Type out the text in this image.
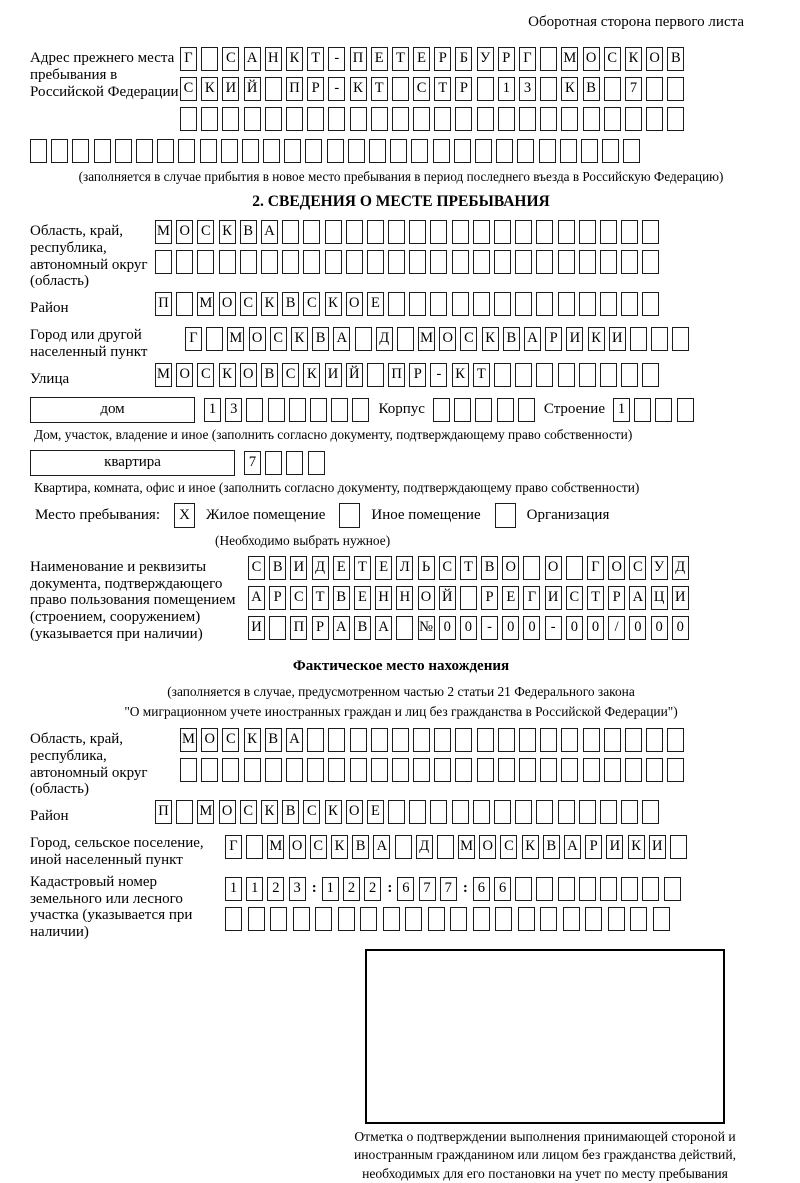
Оборотная сторона первого листа
Адрес прежнего места пребывания в Российской Федерации
Г С А Н К Т - П Е Т Е Р Б У Р Г М О С К О В
С К И Й П Р - К Т С Т Р 1 3 К В 7
(заполняется в случае прибытия в новое место пребывания в период последнего въезда в Российскую Федерацию)
2. СВЕДЕНИЯ О МЕСТЕ ПРЕБЫВАНИЯ
Область, край, республика, автономный округ (область)
М О С К В А
Район	П М О С К В С К О Е
Город или другой населенный пункт
Г М О С К В А Д М О С К В А Р И К И
Улица	М О С К О В С К И Й П Р - К Т
дом	1 3	Корпус	Строение 1
Дом, участок, владение и иное (заполнить согласно документу, подтверждающему право собственности)
квартира	7
Квартира, комната, офис и иное (заполнить согласно документу, подтверждающему право собственности)
Место пребывания: X Жилое помещение	Иное помещение	Организация
(Необходимо выбрать нужное)
Наименование и реквизиты документа, подтверждающего право пользования помещением (строением, сооружением) (указывается при наличии)
С В И Д Е Т Е Л Ь С Т В О О Г О С У Д
А Р С Т В Е Н Н О Й Р Е Г И С Т Р А Ц И
И П Р А В А № 0 0 - 0 0 - 0 0 / 0 0 0
Фактическое место нахождения
(заполняется в случае, предусмотренном частью 2 статьи 21 Федерального закона
"О миграционном учете иностранных граждан и лиц без гражданства в Российской Федерации")
Область, край, республика, автономный округ (область)
М О С К В А
Район	П М О С К В С К О Е
Город, сельское поселение, иной населенный пункт
Г М О С К В А Д М О С К В А Р И К И
Кадастровый номер земельного или лесного участка (указывается при наличии)
1 1 2 3 : 1 2 2 : 6 7 7 : 6 6
Отметка о подтверждении выполнения принимающей стороной и иностранным гражданином или лицом без гражданства действий, необходимых для его постановки на учет по месту пребывания
